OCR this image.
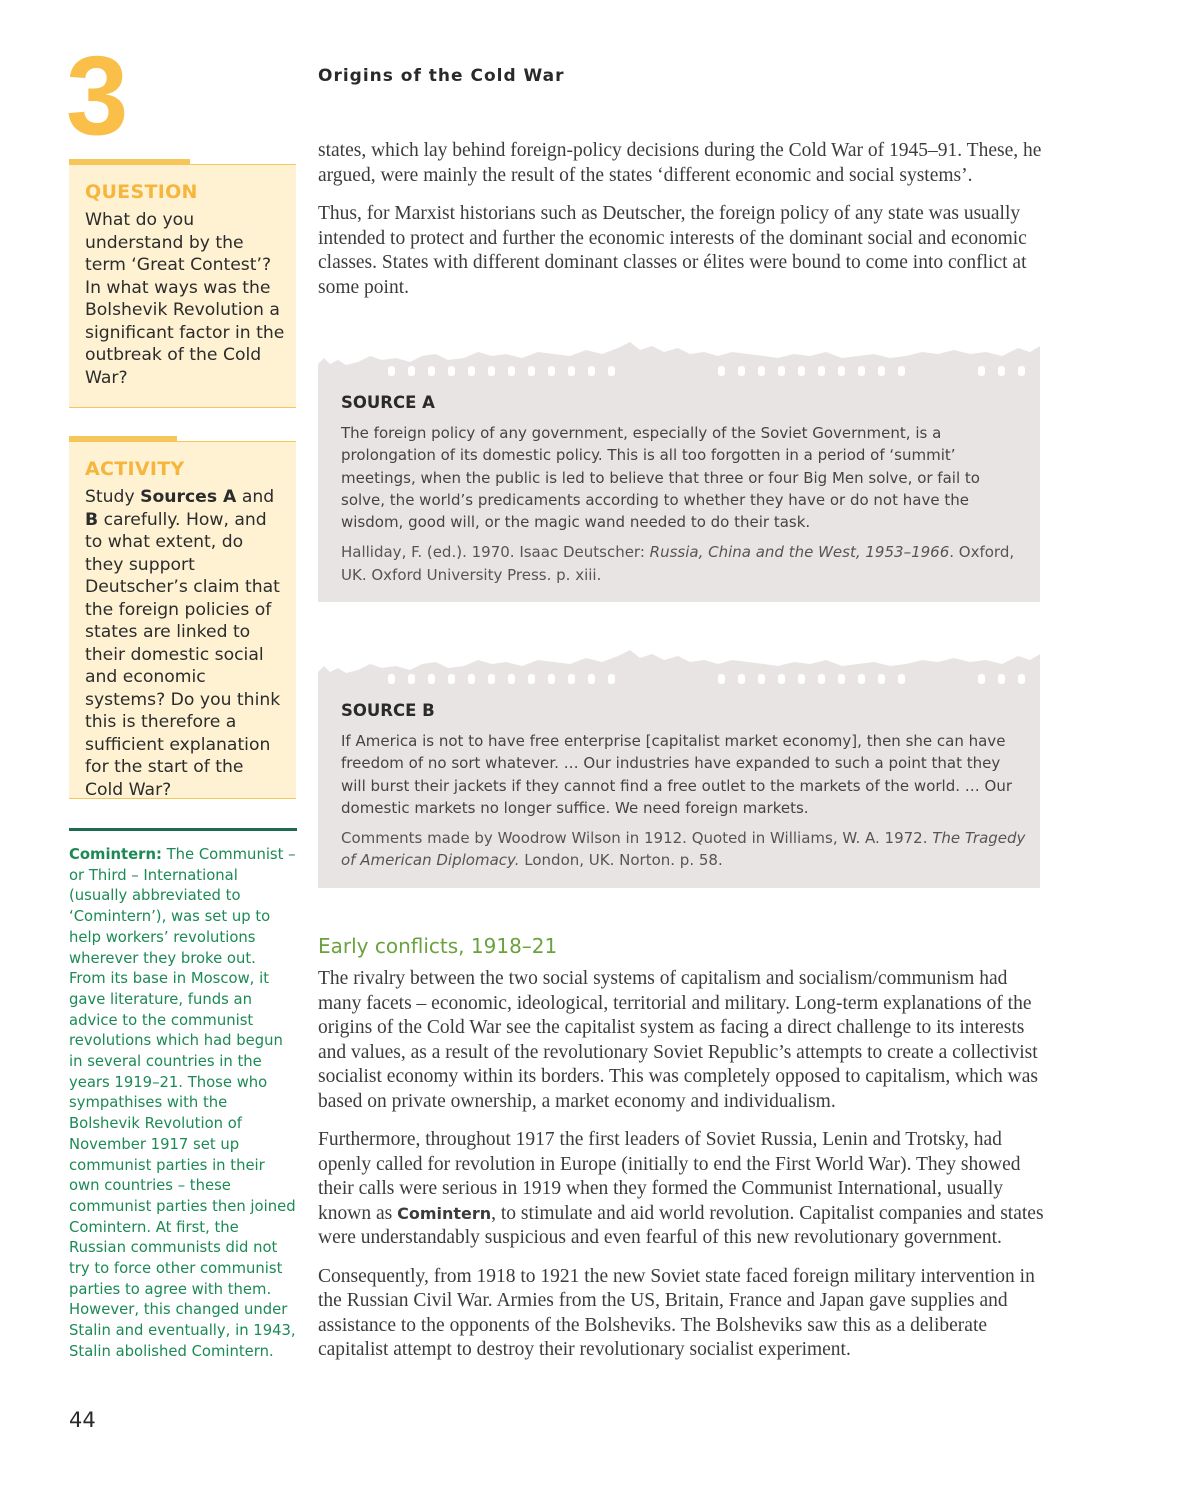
3	Origins of the Cold War

states, which lay behind foreign-policy decisions during the Cold War of 1945–91. These, he argued, were mainly the result of the states ‘different economic and social systems’.

Thus, for Marxist historians such as Deutscher, the foreign policy of any state was usually intended to protect and further the economic interests of the dominant social and economic classes. States with different dominant classes or élites were bound to come into conflict at some point.

QUESTION
What do you understand by the term ‘Great Contest’? In what ways was the Bolshevik Revolution a significant factor in the outbreak of the Cold War?
ACTIVITY
Study Sources A and B carefully. How, and to what extent, do they support Deutscher’s claim that the foreign policies of states are linked to their domestic social and economic systems? Do you think this is therefore a sufficient explanation for the start of the Cold War?
Comintern: The Communist – or Third – International (usually abbreviated to ‘Comintern’), was set up to help workers’ revolutions wherever they broke out. From its base in Moscow, it gave literature, funds an advice to the communist revolutions which had begun in several countries in the years 1919–21. Those who sympathises with the Bolshevik Revolution of November 1917 set up communist parties in their own countries – these communist parties then joined Comintern. At first, the Russian communists did not try to force other communist parties to agree with them. However, this changed under Stalin and eventually, in 1943, Stalin abolished Comintern.
SOURCE A

The foreign policy of any government, especially of the Soviet Government, is a prolongation of its domestic policy. This is all too forgotten in a period of ‘summit’ meetings, when the public is led to believe that three or four Big Men solve, or fail to solve, the world’s predicaments according to whether they have or do not have the wisdom, good will, or the magic wand needed to do their task.

Halliday, F. (ed.). 1970. Isaac Deutscher: Russia, China and the West, 1953–1966. Oxford, UK. Oxford University Press. p. xiii.

SOURCE B

If America is not to have free enterprise [capitalist market economy], then she can have freedom of no sort whatever. … Our industries have expanded to such a point that they will burst their jackets if they cannot find a free outlet to the markets of the world. … Our domestic markets no longer suffice. We need foreign markets.

Comments made by Woodrow Wilson in 1912. Quoted in Williams, W. A. 1972. The Tragedy of American Diplomacy. London, UK. Norton. p. 58.

Early conflicts, 1918–21

The rivalry between the two social systems of capitalism and socialism/communism had many facets – economic, ideological, territorial and military. Long-term explanations of the origins of the Cold War see the capitalist system as facing a direct challenge to its interests and values, as a result of the revolutionary Soviet Republic’s attempts to create a collectivist socialist economy within its borders. This was completely opposed to capitalism, which was based on private ownership, a market economy and individualism.

Furthermore, throughout 1917 the first leaders of Soviet Russia, Lenin and Trotsky, had openly called for revolution in Europe (initially to end the First World War). They showed their calls were serious in 1919 when they formed the Communist International, usually known as Comintern, to stimulate and aid world revolution. Capitalist companies and states were understandably suspicious and even fearful of this new revolutionary government.

Consequently, from 1918 to 1921 the new Soviet state faced foreign military intervention in the Russian Civil War. Armies from the US, Britain, France and Japan gave supplies and assistance to the opponents of the Bolsheviks. The Bolsheviks saw this as a deliberate capitalist attempt to destroy their revolutionary socialist experiment.

44
